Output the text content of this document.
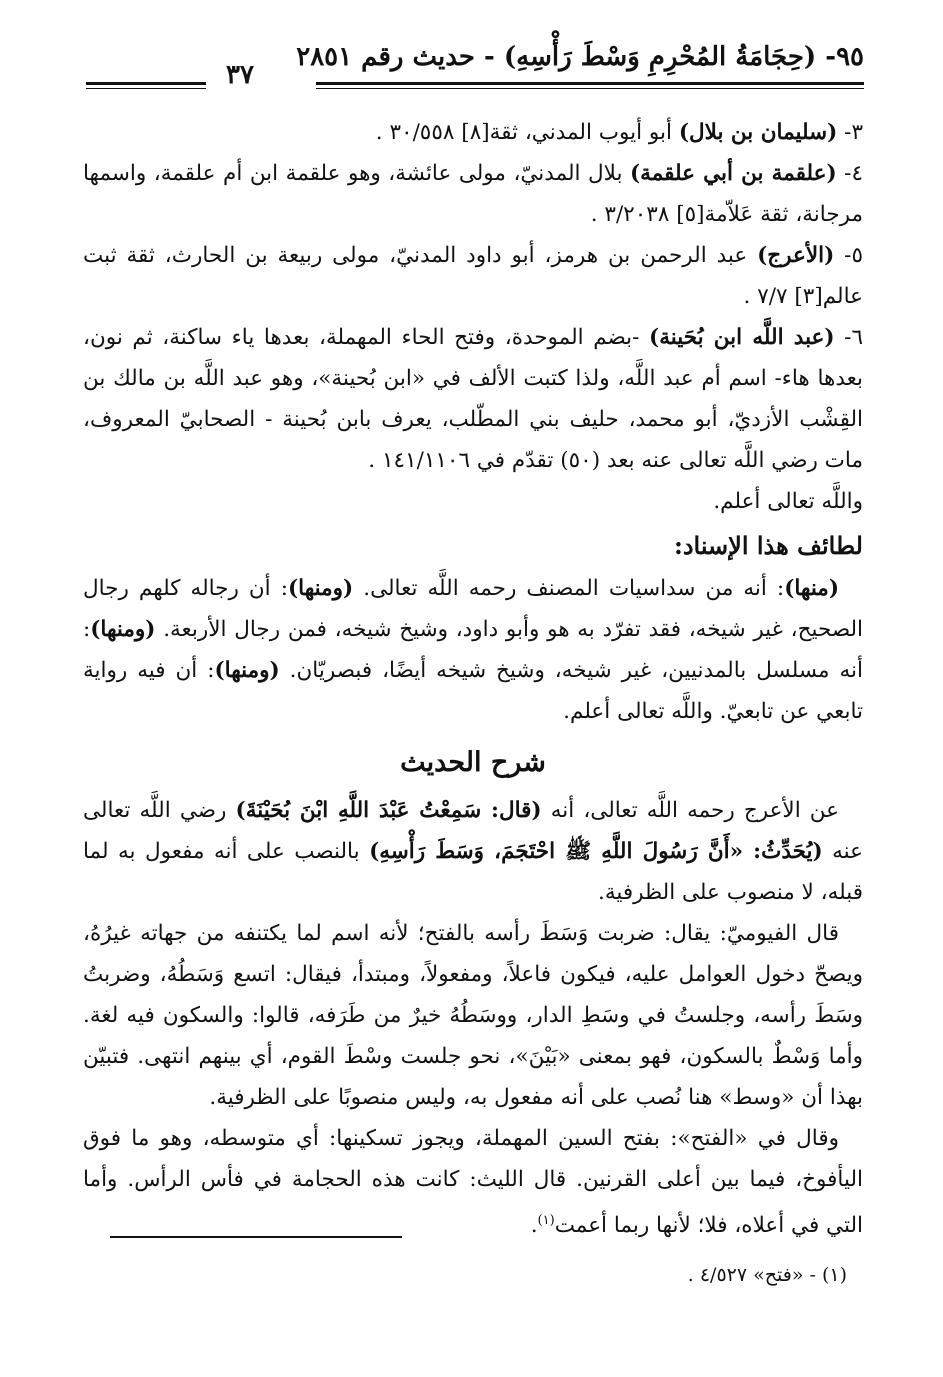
٩٥- (حِجَامَةُ المُحْرِمِ وَسْطَ رَأْسِهِ) - حديث رقم ٢٨٥١
٣٧

٣- (سليمان بن بلال) أبو أيوب المدني، ثقة[٨] ٣٠/٥٥٨ .

٤- (علقمة بن أبي علقمة) بلال المدنيّ، مولى عائشة، وهو علقمة ابن أم علقمة، واسمها مرجانة، ثقة عَلاّمة[٥] ٣/٢٠٣٨ .

٥- (الأعرج) عبد الرحمن بن هرمز، أبو داود المدنيّ، مولى ربيعة بن الحارث، ثقة ثبت عالم[٣] ٧/٧ .

٦- (عبد اللَّه ابن بُحَينة) -بضم الموحدة، وفتح الحاء المهملة، بعدها ياء ساكنة، ثم نون، بعدها هاء- اسم أم عبد اللَّه، ولذا كتبت الألف في «ابن بُحينة»، وهو عبد اللَّه بن مالك بن القِشْب الأزديّ، أبو محمد، حليف بني المطّلب، يعرف بابن بُحينة - الصحابيّ المعروف، مات رضي اللَّه تعالى عنه بعد (٥٠) تقدّم في ١٤١/١١٠٦ .

واللَّه تعالى أعلم.

لطائف هذا الإسناد:

(منها): أنه من سداسيات المصنف رحمه اللَّه تعالى. (ومنها): أن رجاله كلهم رجال الصحيح، غير شيخه، فقد تفرّد به هو وأبو داود، وشيخ شيخه، فمن رجال الأربعة. (ومنها): أنه مسلسل بالمدنيين، غير شيخه، وشيخ شيخه أيضًا، فبصريّان. (ومنها): أن فيه رواية تابعي عن تابعيّ. واللَّه تعالى أعلم.

شرح الحديث

عن الأعرج رحمه اللَّه تعالى، أنه (قال: سَمِعْتُ عَبْدَ اللَّهِ ابْنَ بُحَيْنَةَ) رضي اللَّه تعالى عنه (يُحَدِّثُ: «أَنَّ رَسُولَ اللَّهِ ﷺ احْتَجَمَ، وَسَطَ رَأْسِهِ) بالنصب على أنه مفعول به لما قبله، لا منصوب على الظرفية.

قال الفيوميّ: يقال: ضربت وَسَطَ رأسه بالفتح؛ لأنه اسم لما يكتنفه من جهاته غيرُهُ، ويصحّ دخول العوامل عليه، فيكون فاعلاً، ومفعولاً، ومبتدأ، فيقال: اتسع وَسَطُهُ، وضربتُ وسَطَ رأسه، وجلستُ في وسَطِ الدار، ووسَطُهُ خيرٌ من طَرَفه، قالوا: والسكون فيه لغة. وأما وَسْطٌ بالسكون، فهو بمعنى «بَيْنَ»، نحو جلست وسْطَ القوم، أي بينهم انتهى. فتبيّن بهذا أن «وسط» هنا نُصب على أنه مفعول به، وليس منصوبًا على الظرفية.

وقال في «الفتح»: بفتح السين المهملة، ويجوز تسكينها: أي متوسطه، وهو ما فوق اليأفوخ، فيما بين أعلى القرنين. قال الليث: كانت هذه الحجامة في فأس الرأس. وأما التي في أعلاه، فلا؛ لأنها ربما أعمت$^{(١)}$.

(١) - «فتح» ٤/٥٢٧ .
